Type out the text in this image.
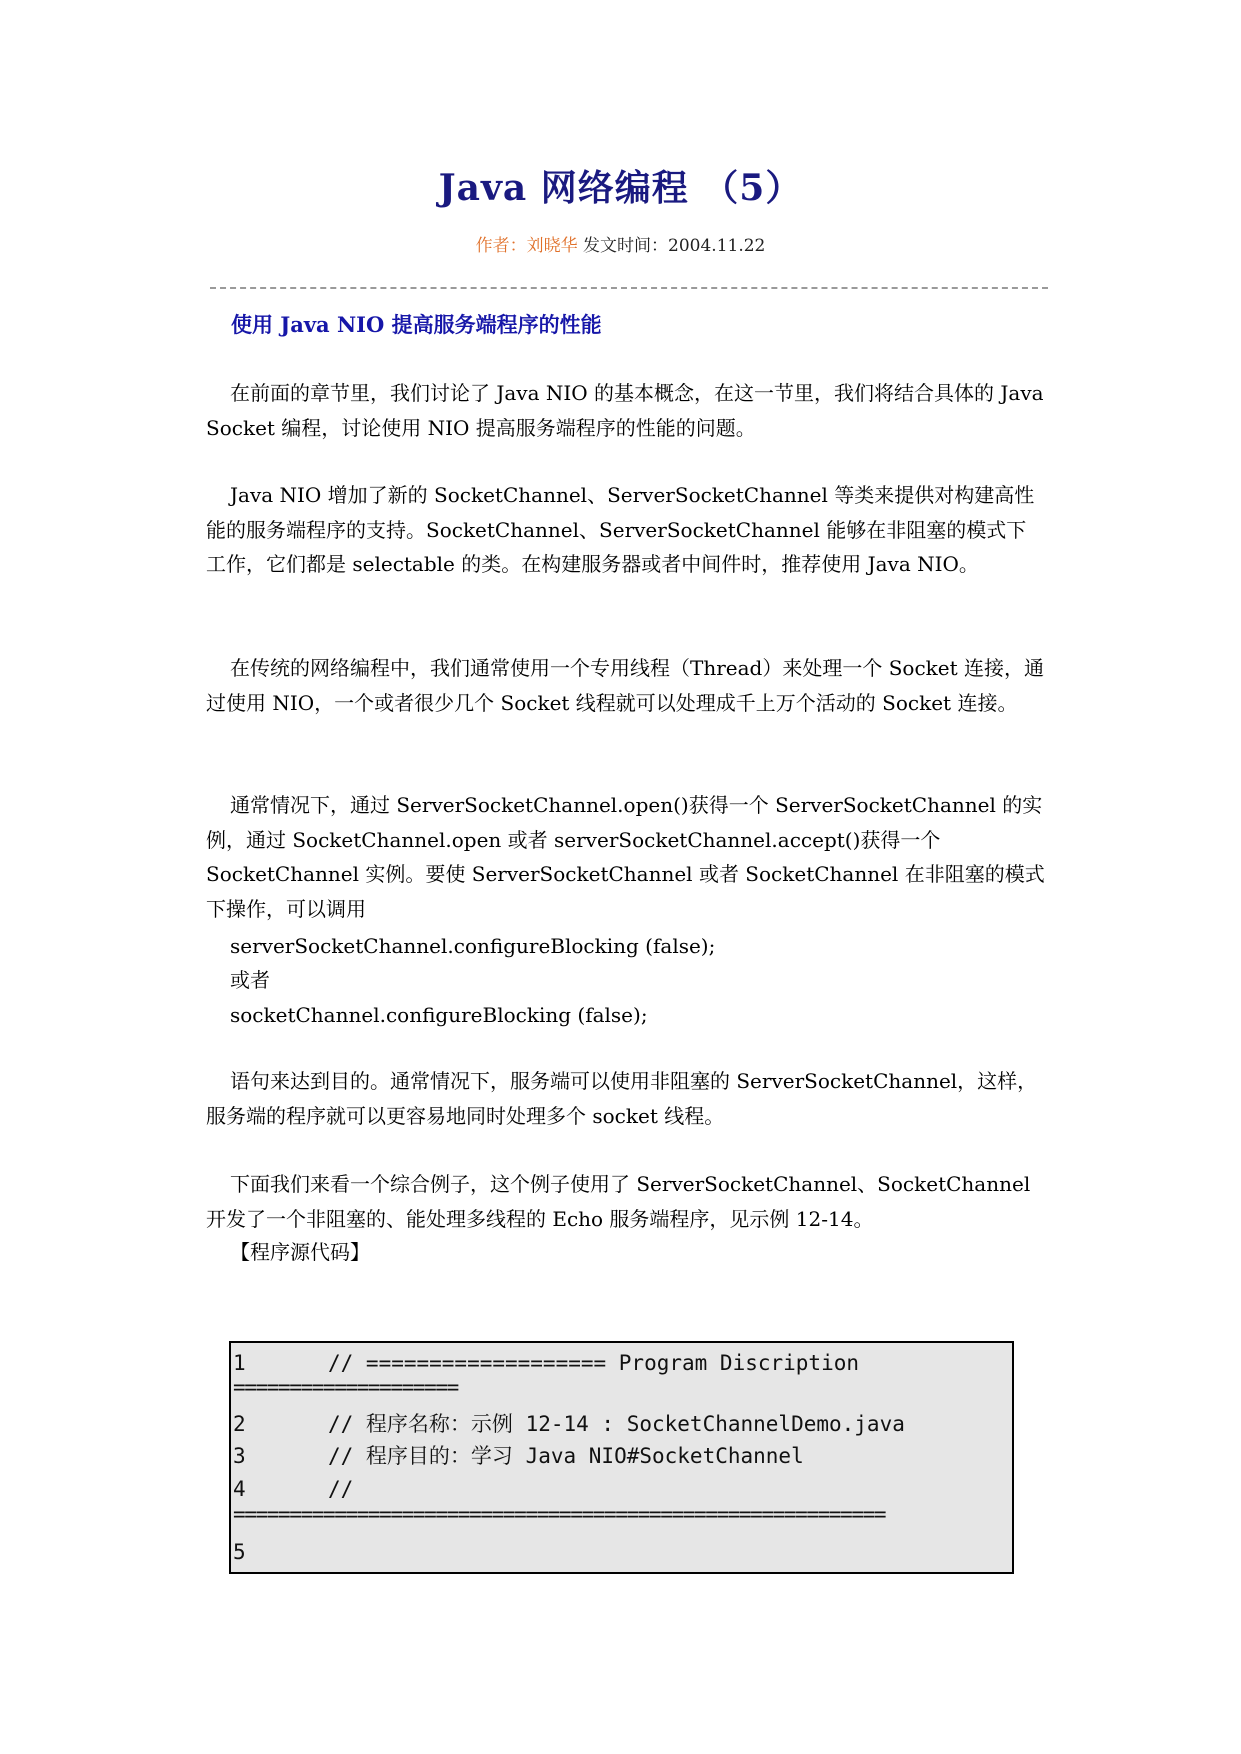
Java 网络编程 （5）
作者：刘晓华 发文时间：2004.11.22
使用 Java NIO 提高服务端程序的性能

在前面的章节里，我们讨论了 Java NIO 的基本概念，在这一节里，我们将结合具体的 Java Socket 编程，讨论使用 NIO 提高服务端程序的性能的问题。

Java NIO 增加了新的 SocketChannel、ServerSocketChannel 等类来提供对构建高性能的服务端程序的支持。SocketChannel、ServerSocketChannel 能够在非阻塞的模式下工作，它们都是 selectable 的类。在构建服务器或者中间件时，推荐使用 Java NIO。

在传统的网络编程中，我们通常使用一个专用线程（Thread）来处理一个 Socket 连接，通过使用 NIO，一个或者很少几个 Socket 线程就可以处理成千上万个活动的 Socket 连接。

通常情况下，通过 ServerSocketChannel.open()获得一个 ServerSocketChannel 的实例，通过 SocketChannel.open 或者 serverSocketChannel.accept()获得一个 SocketChannel 实例。要使 ServerSocketChannel 或者 SocketChannel 在非阻塞的模式下操作，可以调用

serverSocketChannel.configureBlocking (false);
或者
socketChannel.configureBlocking (false);

语句来达到目的。通常情况下，服务端可以使用非阻塞的 ServerSocketChannel，这样，服务端的程序就可以更容易地同时处理多个 socket 线程。

下面我们来看一个综合例子，这个例子使用了 ServerSocketChannel、SocketChannel 开发了一个非阻塞的、能处理多线程的 Echo 服务端程序，见示例 12-14。

【程序源代码】
1	// =================== Program Discription
====================
2	// 程序名称：示例 12-14 : SocketChannelDemo.java
3	// 程序目的：学习 Java NIO#SocketChannel
4	//
==========================================================
5
